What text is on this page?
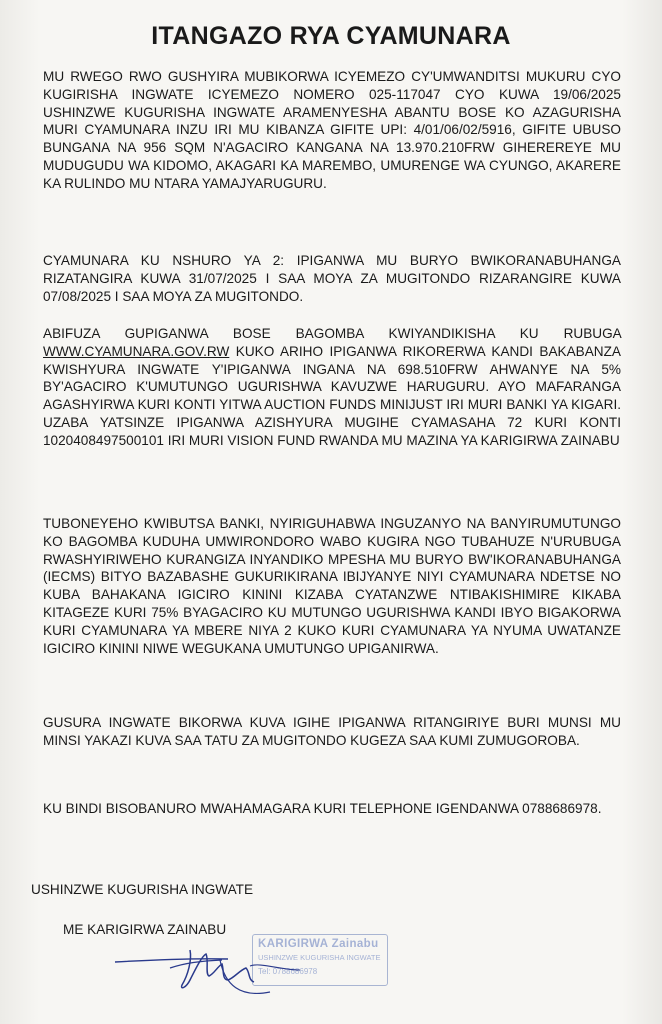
ITANGAZO RYA CYAMUNARA
MU RWEGO RWO GUSHYIRA MUBIKORWA ICYEMEZO CY'UMWANDITSI MUKURU CYO KUGIRISHA INGWATE ICYEMEZO NOMERO 025-117047 CYO KUWA 19/06/2025 USHINZWE KUGURISHA INGWATE ARAMENYESHA ABANTU BOSE KO AZAGURISHA MURI CYAMUNARA INZU IRI MU KIBANZA GIFITE UPI: 4/01/06/02/5916, GIFITE UBUSO BUNGANA NA 956 SQM N'AGACIRO KANGANA NA 13.970.210FRW GIHEREREYE MU MUDUGUDU WA KIDOMO, AKAGARI KA MAREMBO, UMURENGE WA CYUNGO, AKARERE KA RULINDO MU NTARA YAMAJYARUGURU.
CYAMUNARA KU NSHURO YA 2: IPIGANWA MU BURYO BWIKORANABUHANGA RIZATANGIRA KUWA 31/07/2025 I SAA MOYA ZA MUGITONDO RIZARANGIRE KUWA 07/08/2025 I SAA MOYA ZA MUGITONDO.
ABIFUZA GUPIGANWA BOSE BAGOMBA KWIYANDIKISHA KU RUBUGA WWW.CYAMUNARA.GOV.RW KUKO ARIHO IPIGANWA RIKORERWA KANDI BAKABANZA KWISHYURA INGWATE Y'IPIGANWA INGANA NA 698.510FRW AHWANYE NA 5% BY'AGACIRO K'UMUTUNGO UGURISHWA KAVUZWE HARUGURU. AYO MAFARANGA AGASHYIRWA KURI KONTI YITWA AUCTION FUNDS MINIJUST IRI MURI BANKI YA KIGARI. UZABA YATSINZE IPIGANWA AZISHYURA MUGIHE CYAMASAHA 72 KURI KONTI 1020408497500101 IRI MURI VISION FUND RWANDA MU MAZINA YA KARIGIRWA ZAINABU
TUBONEYEHO KWIBUTSA BANKI, NYIRIGUHABWA INGUZANYO NA BANYIRUMUTUNGO KO BAGOMBA KUDUHA UMWIRONDORO WABO KUGIRA NGO TUBAHUZE N'URUBUGA RWASHYIRIWEHO KURANGIZA INYANDIKO MPESHA MU BURYO BW'IKORANABUHANGA (IECMS) BITYO BAZABASHE GUKURIKIRANA IBIJYANYE NIYI CYAMUNARA NDETSE NO KUBA BAHAKANA IGICIRO KININI KIZABA CYATANZWE NTIBAKISHIMIRE KIKABA KITAGEZE KURI 75% BYAGACIRO KU MUTUNGO UGURISHWA KANDI IBYO BIGAKORWA KURI CYAMUNARA YA MBERE NIYA 2 KUKO KURI CYAMUNARA YA NYUMA UWATANZE IGICIRO KININI NIWE WEGUKANA UMUTUNGO UPIGANIRWA.
GUSURA INGWATE BIKORWA KUVA IGIHE IPIGANWA RITANGIRIYE BURI MUNSI MU MINSI YAKAZI KUVA SAA TATU ZA MUGITONDO KUGEZA SAA KUMI ZUMUGOROBA.
KU BINDI BISOBANURO MWAHAMAGARA KURI TELEPHONE IGENDANWA 0788686978.
USHINZWE KUGURISHA INGWATE
ME KARIGIRWA ZAINABU
KARIGIRWA Zainabu
USHINZWE KUGURISHA INGWATE
Tel: 0788686978
